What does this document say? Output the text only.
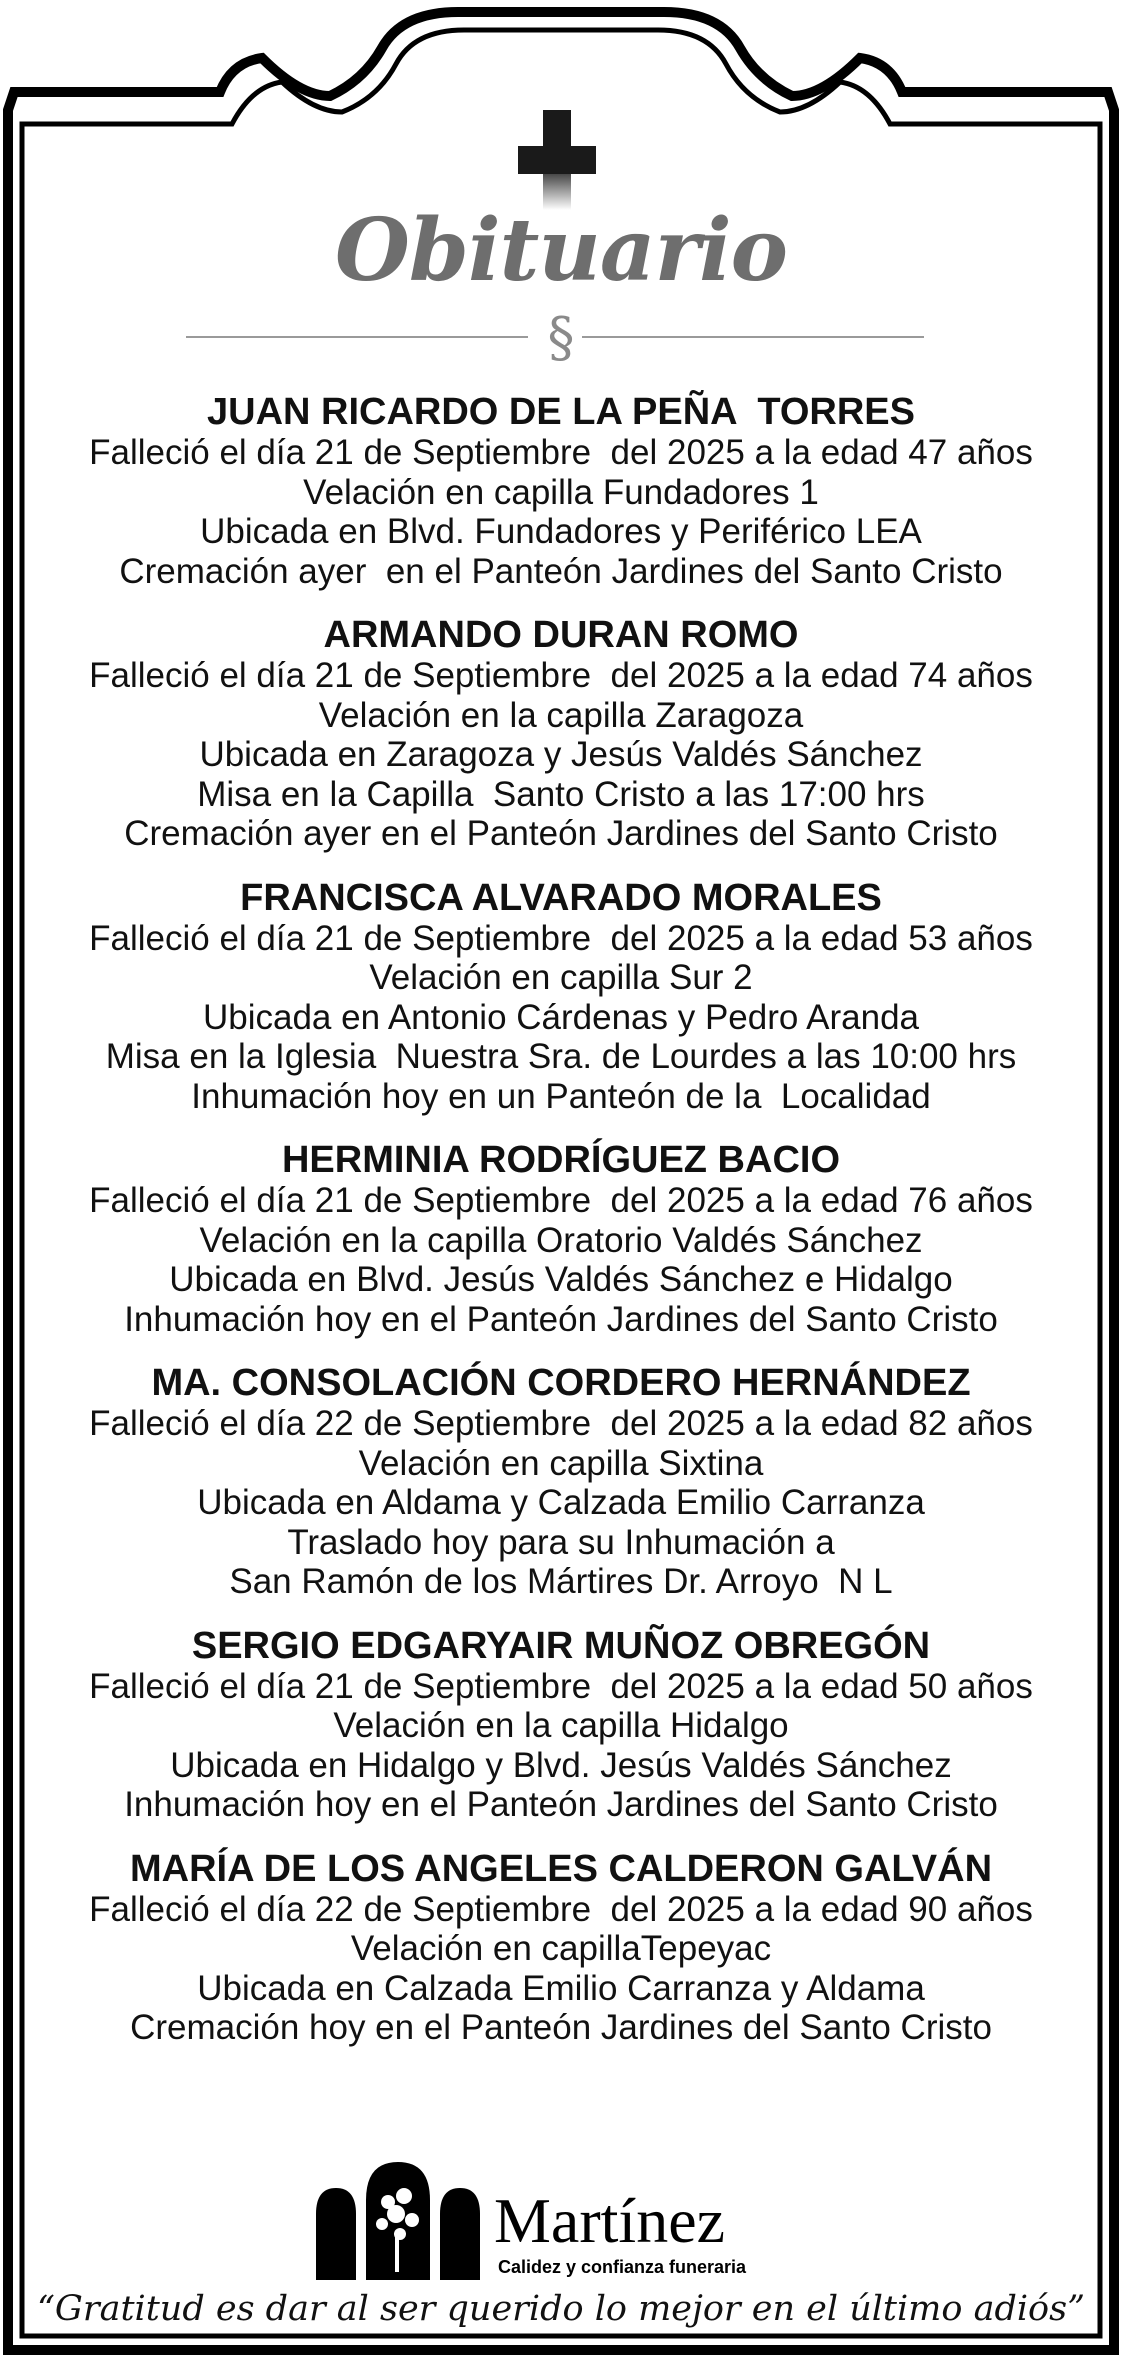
Obituario
§
JUAN RICARDO DE LA PEÑA  TORRES
Falleció el día 21 de Septiembre  del 2025 a la edad 47 años
Velación en capilla Fundadores 1
Ubicada en Blvd. Fundadores y Periférico LEA
Cremación ayer  en el Panteón Jardines del Santo Cristo
ARMANDO DURAN ROMO
Falleció el día 21 de Septiembre  del 2025 a la edad 74 años
Velación en la capilla Zaragoza
Ubicada en Zaragoza y Jesús Valdés Sánchez
Misa en la Capilla  Santo Cristo a las 17:00 hrs
Cremación ayer en el Panteón Jardines del Santo Cristo
FRANCISCA ALVARADO MORALES
Falleció el día 21 de Septiembre  del 2025 a la edad 53 años
Velación en capilla Sur 2
Ubicada en Antonio Cárdenas y Pedro Aranda
Misa en la Iglesia  Nuestra Sra. de Lourdes a las 10:00 hrs
Inhumación hoy en un Panteón de la  Localidad
HERMINIA RODRÍGUEZ BACIO
Falleció el día 21 de Septiembre  del 2025 a la edad 76 años
Velación en la capilla Oratorio Valdés Sánchez
Ubicada en Blvd. Jesús Valdés Sánchez e Hidalgo
Inhumación hoy en el Panteón Jardines del Santo Cristo
MA. CONSOLACIÓN CORDERO HERNÁNDEZ
Falleció el día 22 de Septiembre  del 2025 a la edad 82 años
Velación en capilla Sixtina
Ubicada en Aldama y Calzada Emilio Carranza
Traslado hoy para su Inhumación a
San Ramón de los Mártires Dr. Arroyo  N L
SERGIO EDGARYAIR MUÑOZ OBREGÓN
Falleció el día 21 de Septiembre  del 2025 a la edad 50 años
Velación en la capilla Hidalgo
Ubicada en Hidalgo y Blvd. Jesús Valdés Sánchez
Inhumación hoy en el Panteón Jardines del Santo Cristo
MARÍA DE LOS ANGELES CALDERON GALVÁN
Falleció el día 22 de Septiembre  del 2025 a la edad 90 años
Velación en capillaTepeyac
Ubicada en Calzada Emilio Carranza y Aldama
Cremación hoy en el Panteón Jardines del Santo Cristo
Martínez
Calidez y confianza funeraria
“Gratitud es dar al ser querido lo mejor en el último adiós”
